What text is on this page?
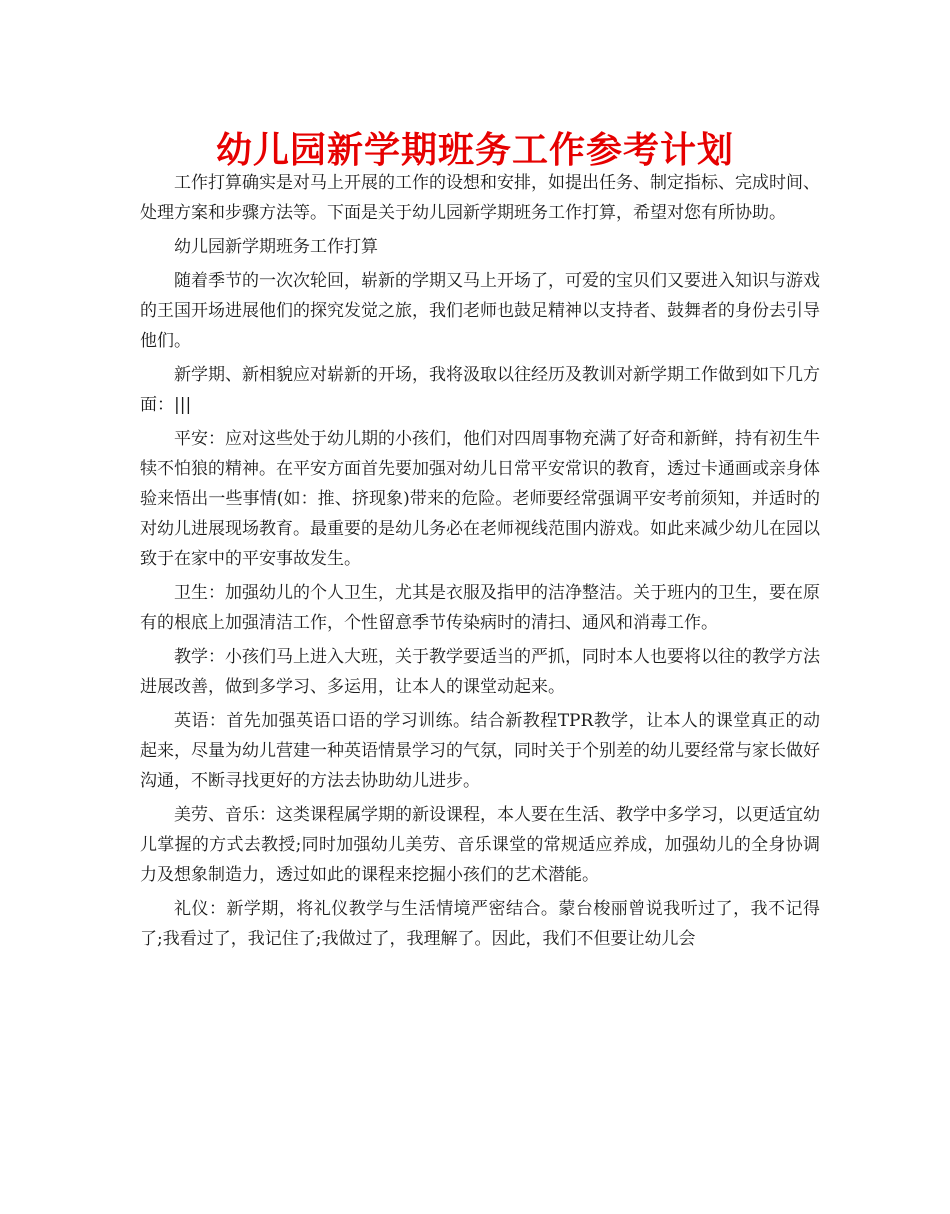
幼儿园新学期班务工作参考计划

工作打算确实是对马上开展的工作的设想和安排，如提出任务、制定指标、完成时间、处理方案和步骤方法等。下面是关于幼儿园新学期班务工作打算，希望对您有所协助。

幼儿园新学期班务工作打算

随着季节的一次次轮回，崭新的学期又马上开场了，可爱的宝贝们又要进入知识与游戏的王国开场进展他们的探究发觉之旅，我们老师也鼓足精神以支持者、鼓舞者的身份去引导他们。

新学期、新相貌应对崭新的开场，我将汲取以往经历及教训对新学期工作做到如下几方面：|||

平安：应对这些处于幼儿期的小孩们，他们对四周事物充满了好奇和新鲜，持有初生牛犊不怕狼的精神。在平安方面首先要加强对幼儿日常平安常识的教育，透过卡通画或亲身体验来悟出一些事情(如：推、挤现象)带来的危险。老师要经常强调平安考前须知，并适时的对幼儿进展现场教育。最重要的是幼儿务必在老师视线范围内游戏。如此来减少幼儿在园以致于在家中的平安事故发生。

卫生：加强幼儿的个人卫生，尤其是衣服及指甲的洁净整洁。关于班内的卫生，要在原有的根底上加强清洁工作，个性留意季节传染病时的清扫、通风和消毒工作。

教学：小孩们马上进入大班，关于教学要适当的严抓，同时本人也要将以往的教学方法进展改善，做到多学习、多运用，让本人的课堂动起来。

英语：首先加强英语口语的学习训练。结合新教程TPR教学，让本人的课堂真正的动起来，尽量为幼儿营建一种英语情景学习的气氛，同时关于个别差的幼儿要经常与家长做好沟通，不断寻找更好的方法去协助幼儿进步。

美劳、音乐：这类课程属学期的新设课程，本人要在生活、教学中多学习，以更适宜幼儿掌握的方式去教授;同时加强幼儿美劳、音乐课堂的常规适应养成，加强幼儿的全身协调力及想象制造力，透过如此的课程来挖掘小孩们的艺术潜能。

礼仪：新学期，将礼仪教学与生活情境严密结合。蒙台梭丽曾说我听过了，我不记得了;我看过了，我记住了;我做过了，我理解了。因此，我们不但要让幼儿会
